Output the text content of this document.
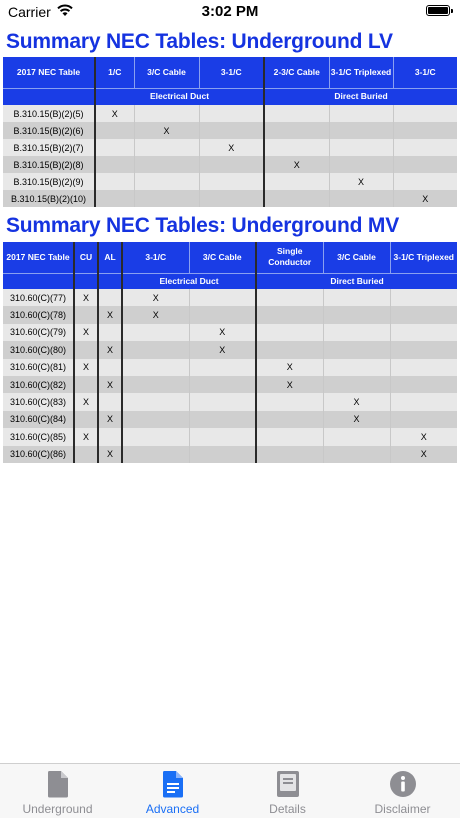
Carrier	3:02 PM
Summary NEC Tables: Underground LV
2017 NEC Table	1/C	3/C Cable	3-1/C	2-3/C Cable	3-1/C Triplexed	3-1/C
	Electrical Duct			Direct Buried		
B.310.15(B)(2)(5)	X					
B.310.15(B)(2)(6)		X				
B.310.15(B)(2)(7)			X			
B.310.15(B)(2)(8)				X		
B.310.15(B)(2)(9)					X	
B.310.15(B)(2)(10)						X
Summary NEC Tables: Underground MV
2017 NEC Table	CU	AL	3-1/C	3/C Cable	Single Conductor	3/C Cable	3-1/C Triplexed
			Electrical Duct		Direct Buried		
310.60(C)(77)	X		X				
310.60(C)(78)		X	X				
310.60(C)(79)	X			X			
310.60(C)(80)		X		X			
310.60(C)(81)	X				X		
310.60(C)(82)		X			X		
310.60(C)(83)	X					X	
310.60(C)(84)		X				X	
310.60(C)(85)	X						X
310.60(C)(86)		X					X
Underground	Advanced	Details	Disclaimer
